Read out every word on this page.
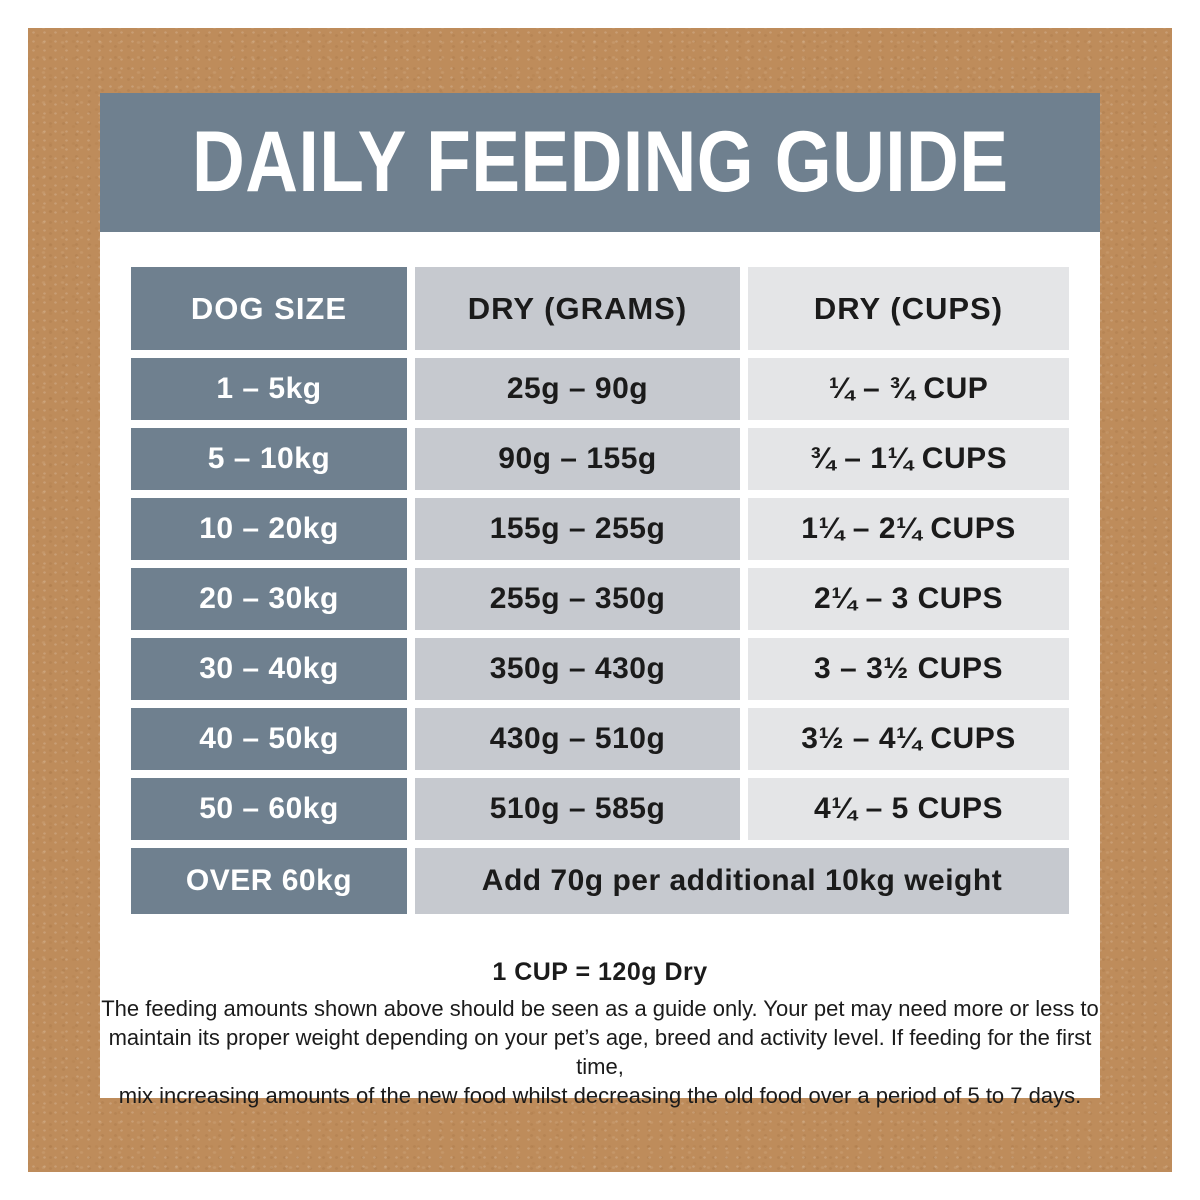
DAILY FEEDING GUIDE
DOG SIZE	DRY (GRAMS)	DRY (CUPS)
1 – 5kg	25g – 90g	¼ – ¾ CUP
5 – 10kg	90g – 155g	¾ – 1¼ CUPS
10 – 20kg	155g – 255g	1¼ – 2¼ CUPS
20 – 30kg	255g – 350g	2¼ – 3 CUPS
30 – 40kg	350g – 430g	3 – 3½ CUPS
40 – 50kg	430g – 510g	3½ – 4¼ CUPS
50 – 60kg	510g – 585g	4¼ – 5 CUPS
OVER 60kg	Add 70g per additional 10kg weight
1 CUP = 120g Dry
The feeding amounts shown above should be seen as a guide only. Your pet may need more or less to
maintain its proper weight depending on your pet’s age, breed and activity level. If feeding for the first time,
mix increasing amounts of the new food whilst decreasing the old food over a period of 5 to 7 days.
